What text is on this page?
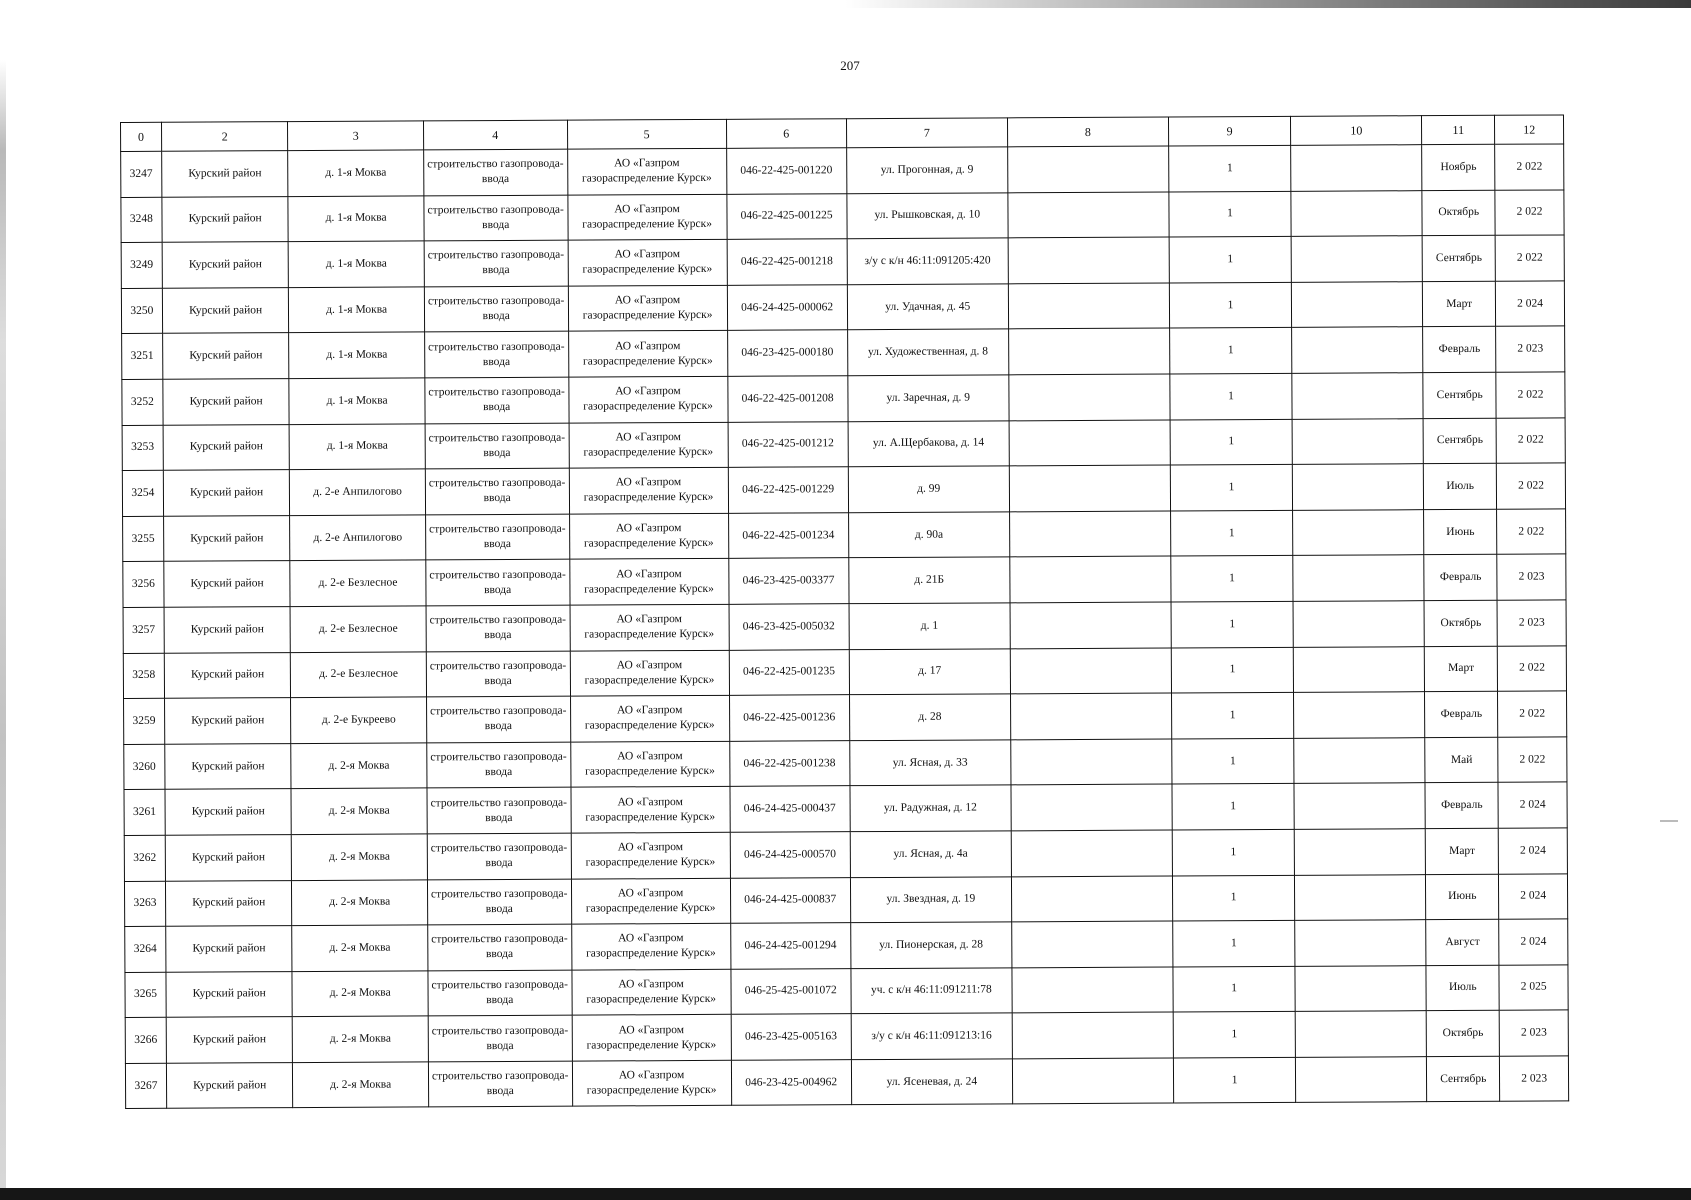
207
0	2	3	4	5	6	7	8	9	10	11	12
3247	Курский район	д. 1-я Моква	строительство газопровода-ввода	АО «Газпром газораспределение Курск»	046-22-425-001220	ул. Прогонная, д. 9		1		Ноябрь	2 022
3248	Курский район	д. 1-я Моква	строительство газопровода-ввода	АО «Газпром газораспределение Курск»	046-22-425-001225	ул. Рышковская, д. 10		1		Октябрь	2 022
3249	Курский район	д. 1-я Моква	строительство газопровода-ввода	АО «Газпром газораспределение Курск»	046-22-425-001218	з/у с к/н 46:11:091205:420		1		Сентябрь	2 022
3250	Курский район	д. 1-я Моква	строительство газопровода-ввода	АО «Газпром газораспределение Курск»	046-24-425-000062	ул. Удачная, д. 45		1		Март	2 024
3251	Курский район	д. 1-я Моква	строительство газопровода-ввода	АО «Газпром газораспределение Курск»	046-23-425-000180	ул. Художественная, д. 8		1		Февраль	2 023
3252	Курский район	д. 1-я Моква	строительство газопровода-ввода	АО «Газпром газораспределение Курск»	046-22-425-001208	ул. Заречная, д. 9		1		Сентябрь	2 022
3253	Курский район	д. 1-я Моква	строительство газопровода-ввода	АО «Газпром газораспределение Курск»	046-22-425-001212	ул. А.Щербакова, д. 14		1		Сентябрь	2 022
3254	Курский район	д. 2-е Анпилогово	строительство газопровода-ввода	АО «Газпром газораспределение Курск»	046-22-425-001229	д. 99		1		Июль	2 022
3255	Курский район	д. 2-е Анпилогово	строительство газопровода-ввода	АО «Газпром газораспределение Курск»	046-22-425-001234	д. 90а		1		Июнь	2 022
3256	Курский район	д. 2-е Безлесное	строительство газопровода-ввода	АО «Газпром газораспределение Курск»	046-23-425-003377	д. 21Б		1		Февраль	2 023
3257	Курский район	д. 2-е Безлесное	строительство газопровода-ввода	АО «Газпром газораспределение Курск»	046-23-425-005032	д. 1		1		Октябрь	2 023
3258	Курский район	д. 2-е Безлесное	строительство газопровода-ввода	АО «Газпром газораспределение Курск»	046-22-425-001235	д. 17		1		Март	2 022
3259	Курский район	д. 2-е Букреево	строительство газопровода-ввода	АО «Газпром газораспределение Курск»	046-22-425-001236	д. 28		1		Февраль	2 022
3260	Курский район	д. 2-я Моква	строительство газопровода-ввода	АО «Газпром газораспределение Курск»	046-22-425-001238	ул. Ясная, д. 33		1		Май	2 022
3261	Курский район	д. 2-я Моква	строительство газопровода-ввода	АО «Газпром газораспределение Курск»	046-24-425-000437	ул. Радужная, д. 12		1		Февраль	2 024
3262	Курский район	д. 2-я Моква	строительство газопровода-ввода	АО «Газпром газораспределение Курск»	046-24-425-000570	ул. Ясная, д. 4а		1		Март	2 024
3263	Курский район	д. 2-я Моква	строительство газопровода-ввода	АО «Газпром газораспределение Курск»	046-24-425-000837	ул. Звездная, д. 19		1		Июнь	2 024
3264	Курский район	д. 2-я Моква	строительство газопровода-ввода	АО «Газпром газораспределение Курск»	046-24-425-001294	ул. Пионерская, д. 28		1		Август	2 024
3265	Курский район	д. 2-я Моква	строительство газопровода-ввода	АО «Газпром газораспределение Курск»	046-25-425-001072	уч. с к/н 46:11:091211:78		1		Июль	2 025
3266	Курский район	д. 2-я Моква	строительство газопровода-ввода	АО «Газпром газораспределение Курск»	046-23-425-005163	з/у с к/н 46:11:091213:16		1		Октябрь	2 023
3267	Курский район	д. 2-я Моква	строительство газопровода-ввода	АО «Газпром газораспределение Курск»	046-23-425-004962	ул. Ясеневая, д. 24		1		Сентябрь	2 023
